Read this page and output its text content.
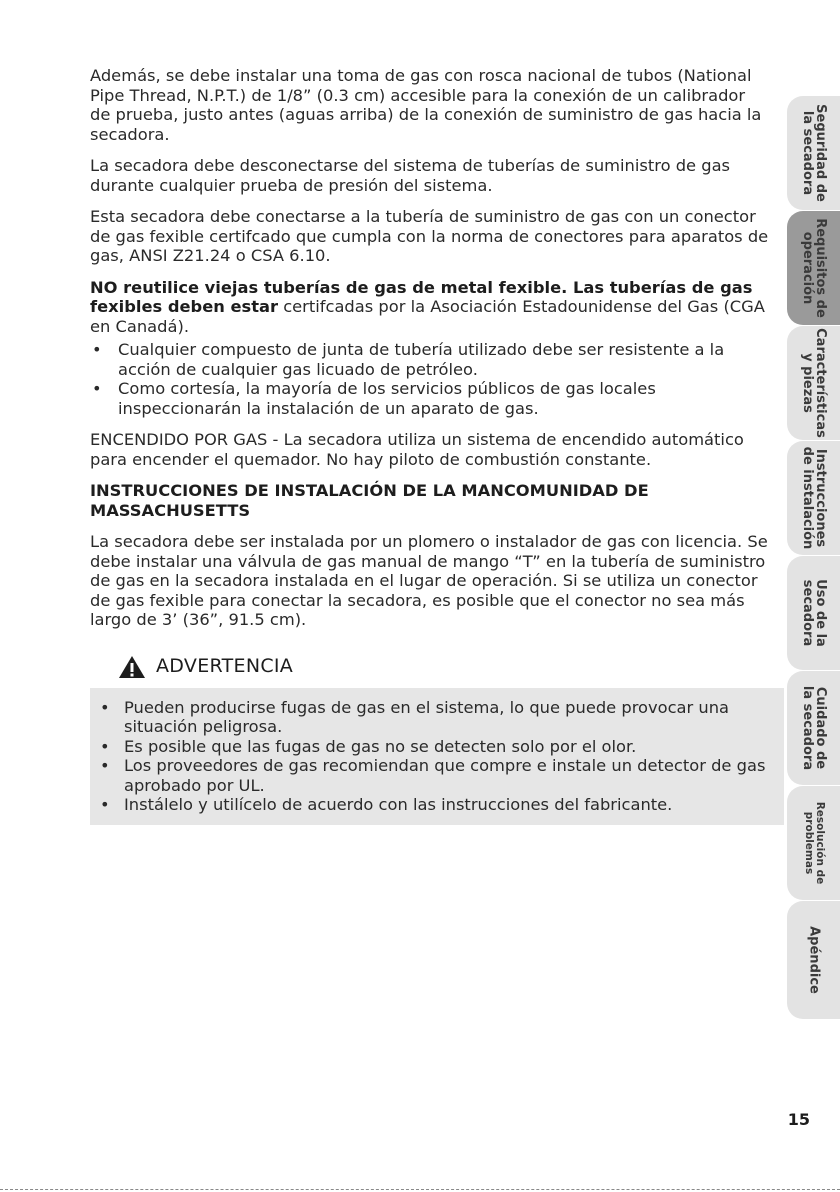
Además, se debe instalar una toma de gas con rosca nacional de tubos (National Pipe Thread, N.P.T.) de 1/8” (0.3 cm) accesible para la conexión de un calibrador de prueba, justo antes (aguas arriba) de la conexión de suministro de gas hacia la secadora.

La secadora debe desconectarse del sistema de tuberías de suministro de gas durante cualquier prueba de presión del sistema.

Esta secadora debe conectarse a la tubería de suministro de gas con un conector de gas fexible certifcado que cumpla con la norma de conectores para aparatos de gas, ANSI Z21.24 o CSA 6.10.

NO reutilice viejas tuberías de gas de metal fexible. Las tuberías de gas fexibles deben estar certifcadas por la Asociación Estadounidense del Gas (CGA en Canadá).

• Cualquier compuesto de junta de tubería utilizado debe ser resistente a la acción de cualquier gas licuado de petróleo.
• Como cortesía, la mayoría de los servicios públicos de gas locales inspeccionarán la instalación de un aparato de gas.

ENCENDIDO POR GAS - La secadora utiliza un sistema de encendido automático para encender el quemador. No hay piloto de combustión constante.

INSTRUCCIONES DE INSTALACIÓN DE LA MANCOMUNIDAD DE MASSACHUSETTS

La secadora debe ser instalada por un plomero o instalador de gas con licencia. Se debe instalar una válvula de gas manual de mango “T” en la tubería de suministro de gas en la secadora instalada en el lugar de operación. Si se utiliza un conector de gas fexible para conectar la secadora, es posible que el conector no sea más largo de 3’ (36”, 91.5 cm).

ADVERTENCIA
• Pueden producirse fugas de gas en el sistema, lo que puede provocar una situación peligrosa.
• Es posible que las fugas de gas no se detecten solo por el olor.
• Los proveedores de gas recomiendan que compre e instale un detector de gas aprobado por UL.
• Instálelo y utilícelo de acuerdo con las instrucciones del fabricante.
Seguridad de
la secadora
Requisitos de
operación
Características
y piezas
Instrucciones
de instalación
Uso de la
secadora
Cuidado de
la secadora
Resolución de
problemas
Apéndice
15
